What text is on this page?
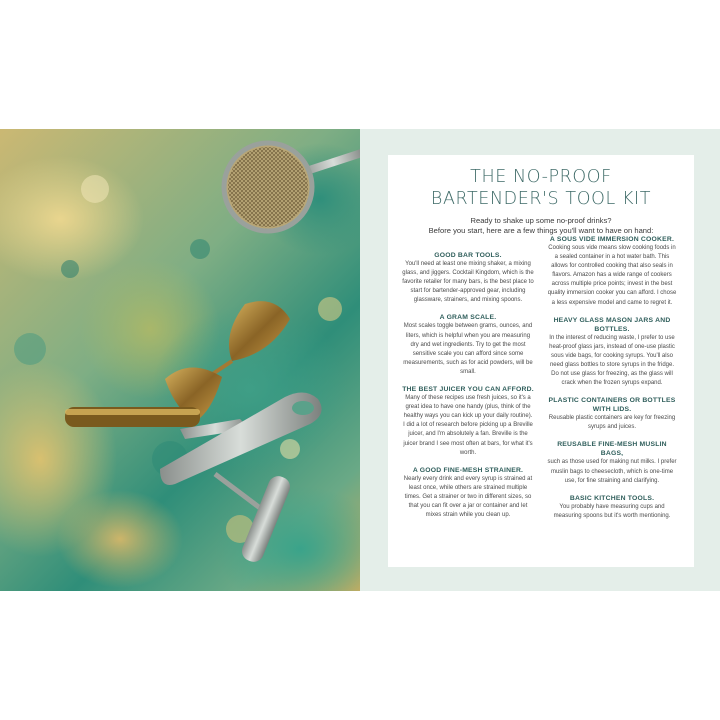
THE NO-PROOF
BARTENDER'S TOOL KIT

Ready to shake up some no-proof drinks?

Before you start, here are a few things you'll want to have on hand:

GOOD BAR TOOLS.

You'll need at least one mixing shaker, a mixing glass, and jiggers. Cocktail Kingdom, which is the favorite retailer for many bars, is the best place to start for bartender-approved gear, including glassware, strainers, and mixing spoons.

A GRAM SCALE.

Most scales toggle between grams, ounces, and liters, which is helpful when you are measuring dry and wet ingredients. Try to get the most sensitive scale you can afford since some measurements, such as for acid powders, will be small.

THE BEST JUICER YOU CAN AFFORD.

Many of these recipes use fresh juices, so it's a great idea to have one handy (plus, think of the healthy ways you can kick up your daily routine). I did a lot of research before picking up a Breville juicer, and I'm absolutely a fan. Breville is the juicer brand I see most often at bars, for what it's worth.

A GOOD FINE-MESH STRAINER.

Nearly every drink and every syrup is strained at least once, while others are strained multiple times. Get a strainer or two in different sizes, so that you can fit over a jar or container and let mixes strain while you clean up.

A SOUS VIDE IMMERSION COOKER.

Cooking sous vide means slow cooking foods in a sealed container in a hot water bath. This allows for controlled cooking that also seals in flavors. Amazon has a wide range of cookers across multiple price points; invest in the best quality immersion cooker you can afford. I chose a less expensive model and came to regret it.

HEAVY GLASS MASON JARS AND BOTTLES.

In the interest of reducing waste, I prefer to use heat-proof glass jars, instead of one-use plastic sous vide bags, for cooking syrups. You'll also need glass bottles to store syrups in the fridge. Do not use glass for freezing, as the glass will crack when the frozen syrups expand.

PLASTIC CONTAINERS OR BOTTLES WITH LIDS.

Reusable plastic containers are key for freezing syrups and juices.

REUSABLE FINE-MESH MUSLIN BAGS,

such as those used for making nut milks. I prefer muslin bags to cheesecloth, which is one-time use, for fine straining and clarifying.

BASIC KITCHEN TOOLS.

You probably have measuring cups and measuring spoons but it's worth mentioning.
